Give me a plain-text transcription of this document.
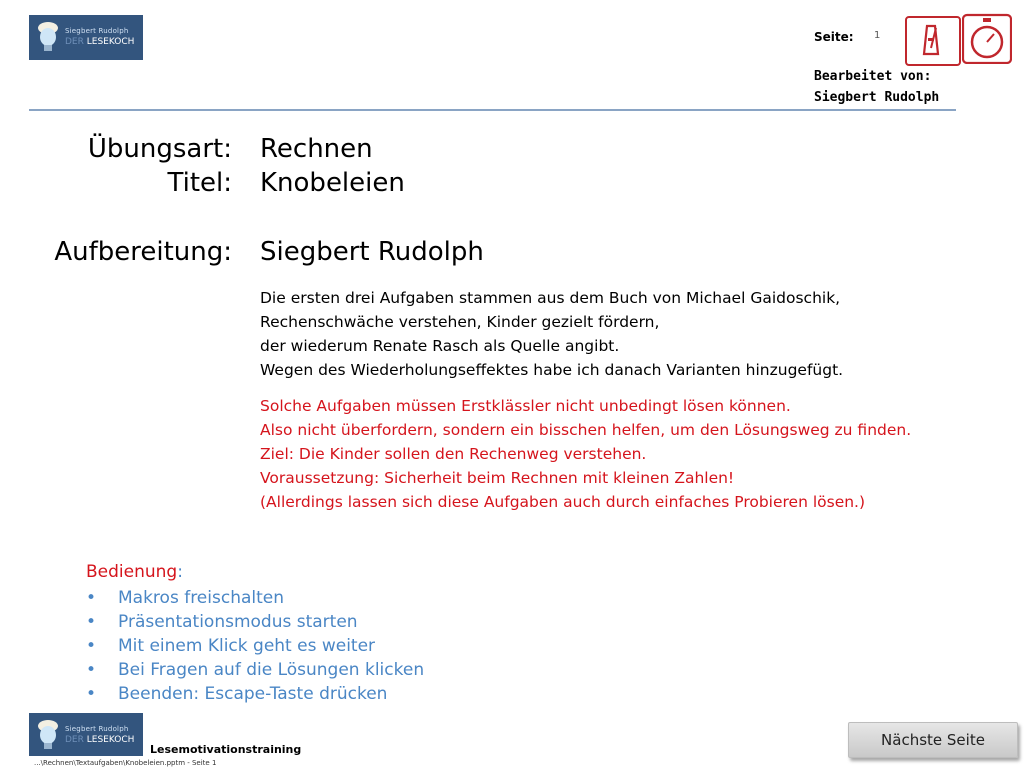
Siegbert Rudolph
DER LESEKOCH	Seite: 1
Bearbeitet von:
Siegbert Rudolph
Übungsart: Rechnen
Titel: Knobeleien
Aufbereitung: Siegbert Rudolph
Die ersten drei Aufgaben stammen aus dem Buch von Michael Gaidoschik,
Rechenschwäche verstehen, Kinder gezielt fördern,
der wiederum Renate Rasch als Quelle angibt.
Wegen des Wiederholungseffektes habe ich danach Varianten hinzugefügt.
Solche Aufgaben müssen Erstklässler nicht unbedingt lösen können.
Also nicht überfordern, sondern ein bisschen helfen, um den Lösungsweg zu finden.
Ziel: Die Kinder sollen den Rechenweg verstehen.
Voraussetzung: Sicherheit beim Rechnen mit kleinen Zahlen!
(Allerdings lassen sich diese Aufgaben auch durch einfaches Probieren lösen.)
Bedienung:
• Makros freischalten
• Präsentationsmodus starten
• Mit einem Klick geht es weiter
• Bei Fragen auf die Lösungen klicken
• Beenden: Escape-Taste drücken
Siegbert Rudolph
DER LESEKOCH
Lesemotivationstraining
...\Rechnen\Textaufgaben\Knobeleien.pptm - Seite 1
Nächste Seite
